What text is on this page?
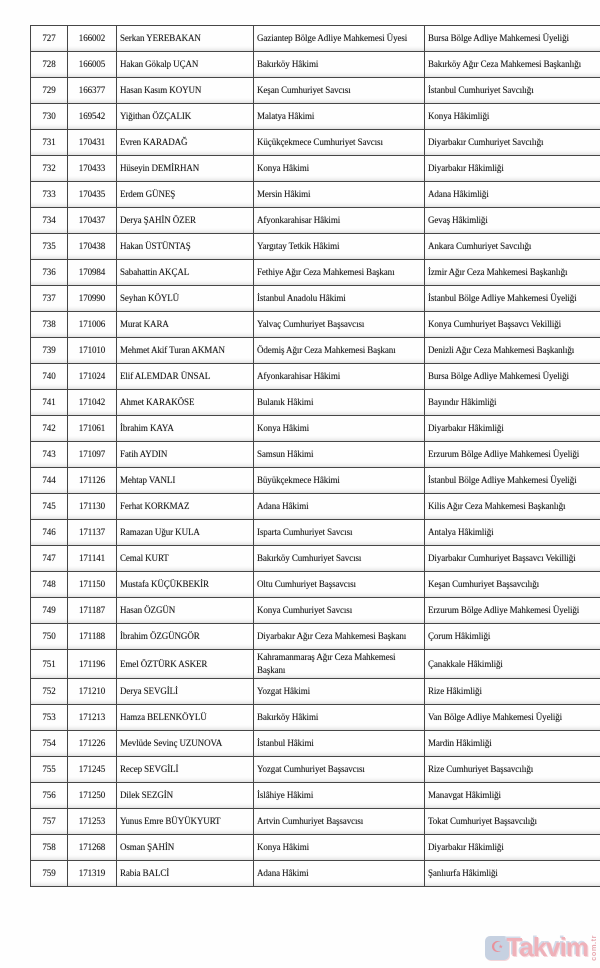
727	166002	Serkan YEREBAKAN	Gaziantep Bölge Adliye Mahkemesi Üyesi	Bursa Bölge Adliye Mahkemesi Üyeliği
728	166005	Hakan Gökalp UÇAN	Bakırköy Hâkimi	Bakırköy Ağır Ceza Mahkemesi Başkanlığı
729	166377	Hasan Kasım KOYUN	Keşan Cumhuriyet Savcısı	İstanbul Cumhuriyet Savcılığı
730	169542	Yiğithan ÖZÇALIK	Malatya Hâkimi	Konya Hâkimliği
731	170431	Evren KARADAĞ	Küçükçekmece Cumhuriyet Savcısı	Diyarbakır Cumhuriyet Savcılığı
732	170433	Hüseyin DEMİRHAN	Konya Hâkimi	Diyarbakır Hâkimliği
733	170435	Erdem GÜNEŞ	Mersin Hâkimi	Adana Hâkimliği
734	170437	Derya ŞAHİN ÖZER	Afyonkarahisar Hâkimi	Gevaş Hâkimliği
735	170438	Hakan ÜSTÜNTAŞ	Yargıtay Tetkik Hâkimi	Ankara Cumhuriyet Savcılığı
736	170984	Sabahattin AKÇAL	Fethiye Ağır Ceza Mahkemesi Başkanı	İzmir Ağır Ceza Mahkemesi Başkanlığı
737	170990	Seyhan KÖYLÜ	İstanbul Anadolu Hâkimi	İstanbul Bölge Adliye Mahkemesi Üyeliği
738	171006	Murat KARA	Yalvaç Cumhuriyet Başsavcısı	Konya Cumhuriyet Başsavcı Vekilliği
739	171010	Mehmet Akif Turan AKMAN	Ödemiş Ağır Ceza Mahkemesi Başkanı	Denizli Ağır Ceza Mahkemesi Başkanlığı
740	171024	Elif ALEMDAR ÜNSAL	Afyonkarahisar Hâkimi	Bursa Bölge Adliye Mahkemesi Üyeliği
741	171042	Ahmet KARAKÖSE	Bulanık Hâkimi	Bayındır Hâkimliği
742	171061	İbrahim KAYA	Konya Hâkimi	Diyarbakır Hâkimliği
743	171097	Fatih AYDIN	Samsun Hâkimi	Erzurum Bölge Adliye Mahkemesi Üyeliği
744	171126	Mehtap VANLI	Büyükçekmece Hâkimi	İstanbul Bölge Adliye Mahkemesi Üyeliği
745	171130	Ferhat KORKMAZ	Adana Hâkimi	Kilis Ağır Ceza Mahkemesi Başkanlığı
746	171137	Ramazan Uğur KULA	Isparta Cumhuriyet Savcısı	Antalya Hâkimliği
747	171141	Cemal KURT	Bakırköy Cumhuriyet Savcısı	Diyarbakır Cumhuriyet Başsavcı Vekilliği
748	171150	Mustafa KÜÇÜKBEKİR	Oltu Cumhuriyet Başsavcısı	Keşan Cumhuriyet Başsavcılığı
749	171187	Hasan ÖZGÜN	Konya Cumhuriyet Savcısı	Erzurum Bölge Adliye Mahkemesi Üyeliği
750	171188	İbrahim ÖZGÜNGÖR	Diyarbakır Ağır Ceza Mahkemesi Başkanı	Çorum Hâkimliği
751	171196	Emel ÖZTÜRK ASKER	Kahramanmaraş Ağır Ceza Mahkemesi
Başkanı	Çanakkale Hâkimliği
752	171210	Derya SEVGİLİ	Yozgat Hâkimi	Rize Hâkimliği
753	171213	Hamza BELENKÖYLÜ	Bakırköy Hâkimi	Van Bölge Adliye Mahkemesi Üyeliği
754	171226	Mevlüde Sevinç UZUNOVA	İstanbul Hâkimi	Mardin Hâkimliği
755	171245	Recep SEVGİLİ	Yozgat Cumhuriyet Başsavcısı	Rize Cumhuriyet Başsavcılığı
756	171250	Dilek SEZGİN	İslâhiye Hâkimi	Manavgat Hâkimliği
757	171253	Yunus Emre BÜYÜKYURT	Artvin Cumhuriyet Başsavcısı	Tokat Cumhuriyet Başsavcılığı
758	171268	Osman ŞAHİN	Konya Hâkimi	Diyarbakır Hâkimliği
759	171319	Rabia BALCİ	Adana Hâkimi	Şanlıurfa Hâkimliği
☪ Takvim com.tr
